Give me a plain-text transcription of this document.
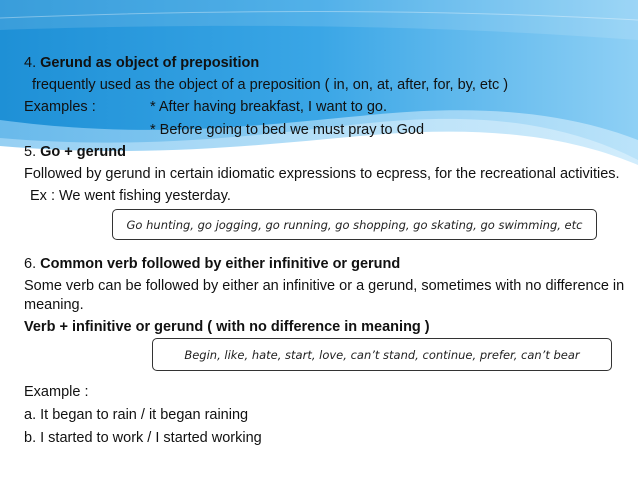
4. Gerund as object of preposition
frequently used as the object of a preposition ( in, on, at, after, for, by, etc )
Examples :	* After having breakfast, I want to go.
* Before going to bed we must pray to God
5. Go + gerund
Followed by gerund in certain idiomatic expressions to ecpress, for the recreational activities.
Ex : We went fishing yesterday.
Go hunting, go jogging, go running, go shopping, go skating, go swimming, etc
6. Common verb followed by either infinitive or gerund
Some verb can be followed by either an infinitive or a gerund, sometimes with no difference in
meaning.
Verb + infinitive or gerund ( with no difference in meaning )
Begin, like, hate, start, love, can’t stand, continue, prefer, can’t bear
Example :
a. It began to rain / it began raining
b. I started to work / I started working
